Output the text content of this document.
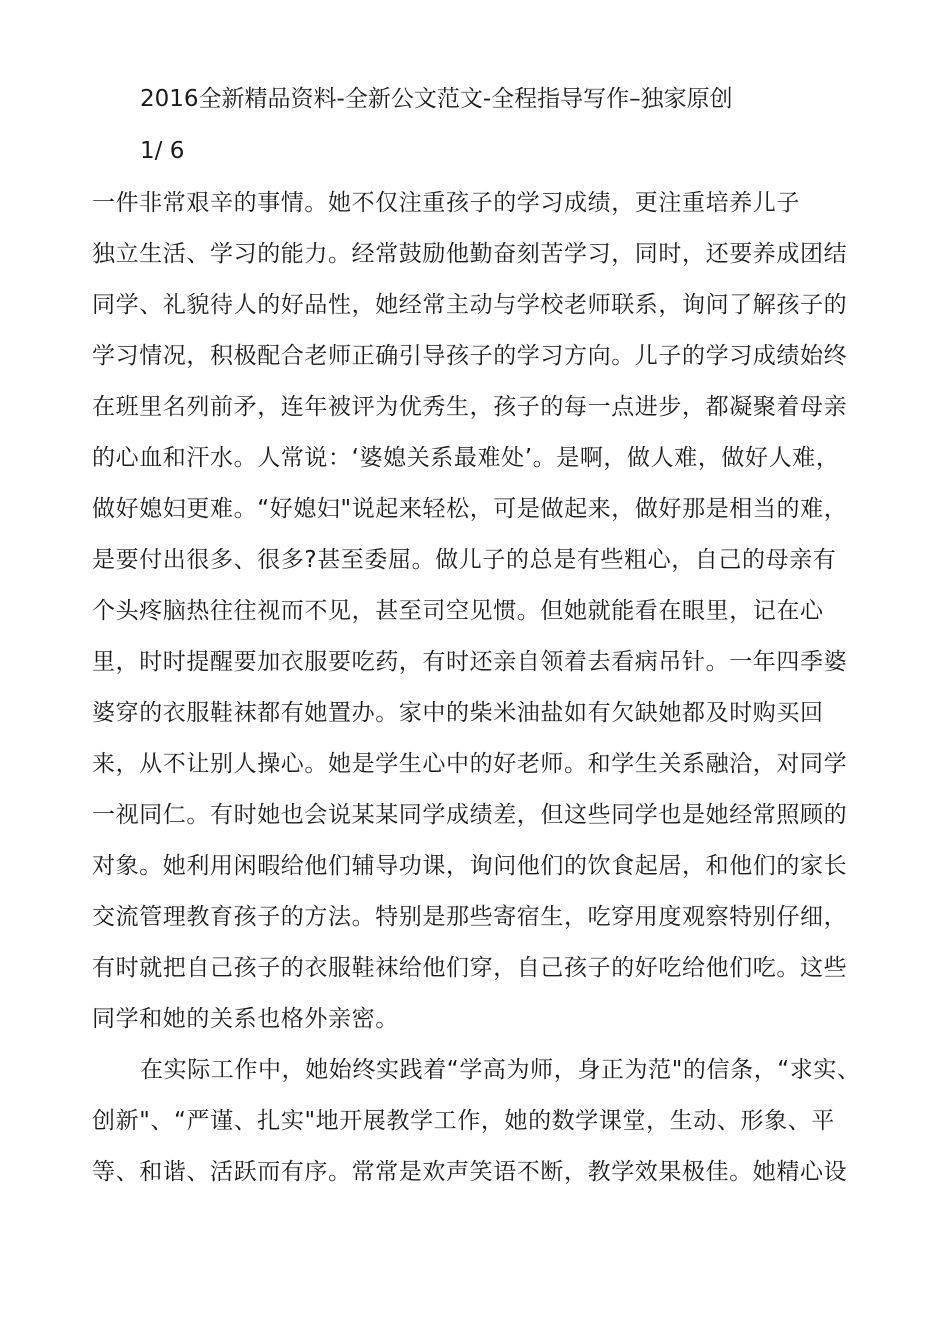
2016全新精品资料-全新公文范文-全程指导写作–独家原创
1/ 6
一件非常艰辛的事情。她不仅注重孩子的学习成绩，更注重培养儿子
独立生活、学习的能力。经常鼓励他勤奋刻苦学习，同时，还要养成团结
同学、礼貌待人的好品性，她经常主动与学校老师联系，询问了解孩子的
学习情况，积极配合老师正确引导孩子的学习方向。儿子的学习成绩始终
在班里名列前矛，连年被评为优秀生，孩子的每一点进步，都凝聚着母亲
的心血和汗水。人常说：‘婆媳关系最难处’。是啊，做人难，做好人难，
做好媳妇更难。“好媳妇"说起来轻松，可是做起来，做好那是相当的难，
是要付出很多、很多?甚至委屈。做儿子的总是有些粗心，自己的母亲有
个头疼脑热往往视而不见，甚至司空见惯。但她就能看在眼里，记在心
里，时时提醒要加衣服要吃药，有时还亲自领着去看病吊针。一年四季婆
婆穿的衣服鞋袜都有她置办。家中的柴米油盐如有欠缺她都及时购买回
来，从不让别人操心。她是学生心中的好老师。和学生关系融洽，对同学
一视同仁。有时她也会说某某同学成绩差，但这些同学也是她经常照顾的
对象。她利用闲暇给他们辅导功课，询问他们的饮食起居，和他们的家长
交流管理教育孩子的方法。特别是那些寄宿生，吃穿用度观察特别仔细，
有时就把自己孩子的衣服鞋袜给他们穿，自己孩子的好吃给他们吃。这些
同学和她的关系也格外亲密。
在实际工作中，她始终实践着“学高为师，身正为范"的信条，“求实、
创新"、“严谨、扎实"地开展教学工作，她的数学课堂，生动、形象、平
等、和谐、活跃而有序。常常是欢声笑语不断，教学效果极佳。她精心设
